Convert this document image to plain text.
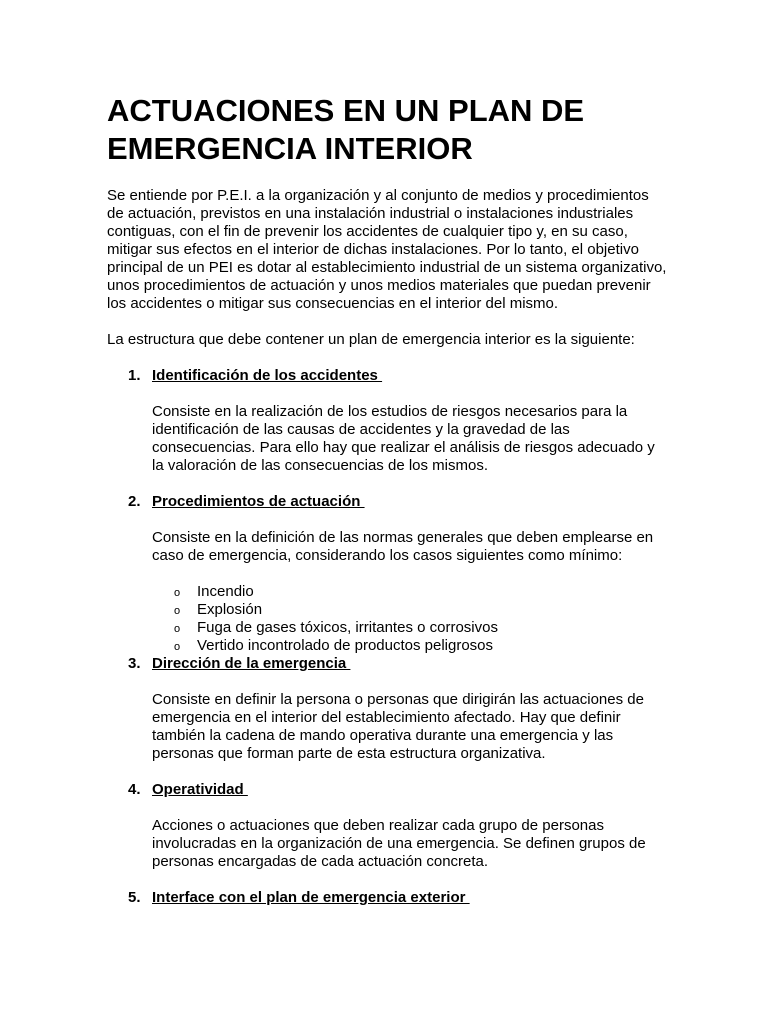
ACTUACIONES EN UN PLAN DE
EMERGENCIA INTERIOR

Se entiende por P.E.I. a la organización y al conjunto de medios y procedimientos de actuación, previstos en una instalación industrial o instalaciones industriales contiguas, con el fin de prevenir los accidentes de cualquier tipo y, en su caso, mitigar sus efectos en el interior de dichas instalaciones. Por lo tanto, el objetivo principal de un PEI es dotar al establecimiento industrial de un sistema organizativo, unos procedimientos de actuación y unos medios materiales que puedan prevenir los accidentes o mitigar sus consecuencias en el interior del mismo.

La estructura que debe contener un plan de emergencia interior es la siguiente:

1. Identificación de los accidentes

Consiste en la realización de los estudios de riesgos necesarios para la identificación de las causas de accidentes y la gravedad de las consecuencias. Para ello hay que realizar el análisis de riesgos adecuado y la valoración de las consecuencias de los mismos.

2. Procedimientos de actuación

Consiste en la definición de las normas generales que deben emplearse en caso de emergencia, considerando los casos siguientes como mínimo:

o Incendio
o Explosión
o Fuga de gases tóxicos, irritantes o corrosivos
o Vertido incontrolado de productos peligrosos
3. Dirección de la emergencia

Consiste en definir la persona o personas que dirigirán las actuaciones de emergencia en el interior del establecimiento afectado. Hay que definir también la cadena de mando operativa durante una emergencia y las personas que forman parte de esta estructura organizativa.

4. Operatividad

Acciones o actuaciones que deben realizar cada grupo de personas involucradas en la organización de una emergencia. Se definen grupos de personas encargadas de cada actuación concreta.

5. Interface con el plan de emergencia exterior
